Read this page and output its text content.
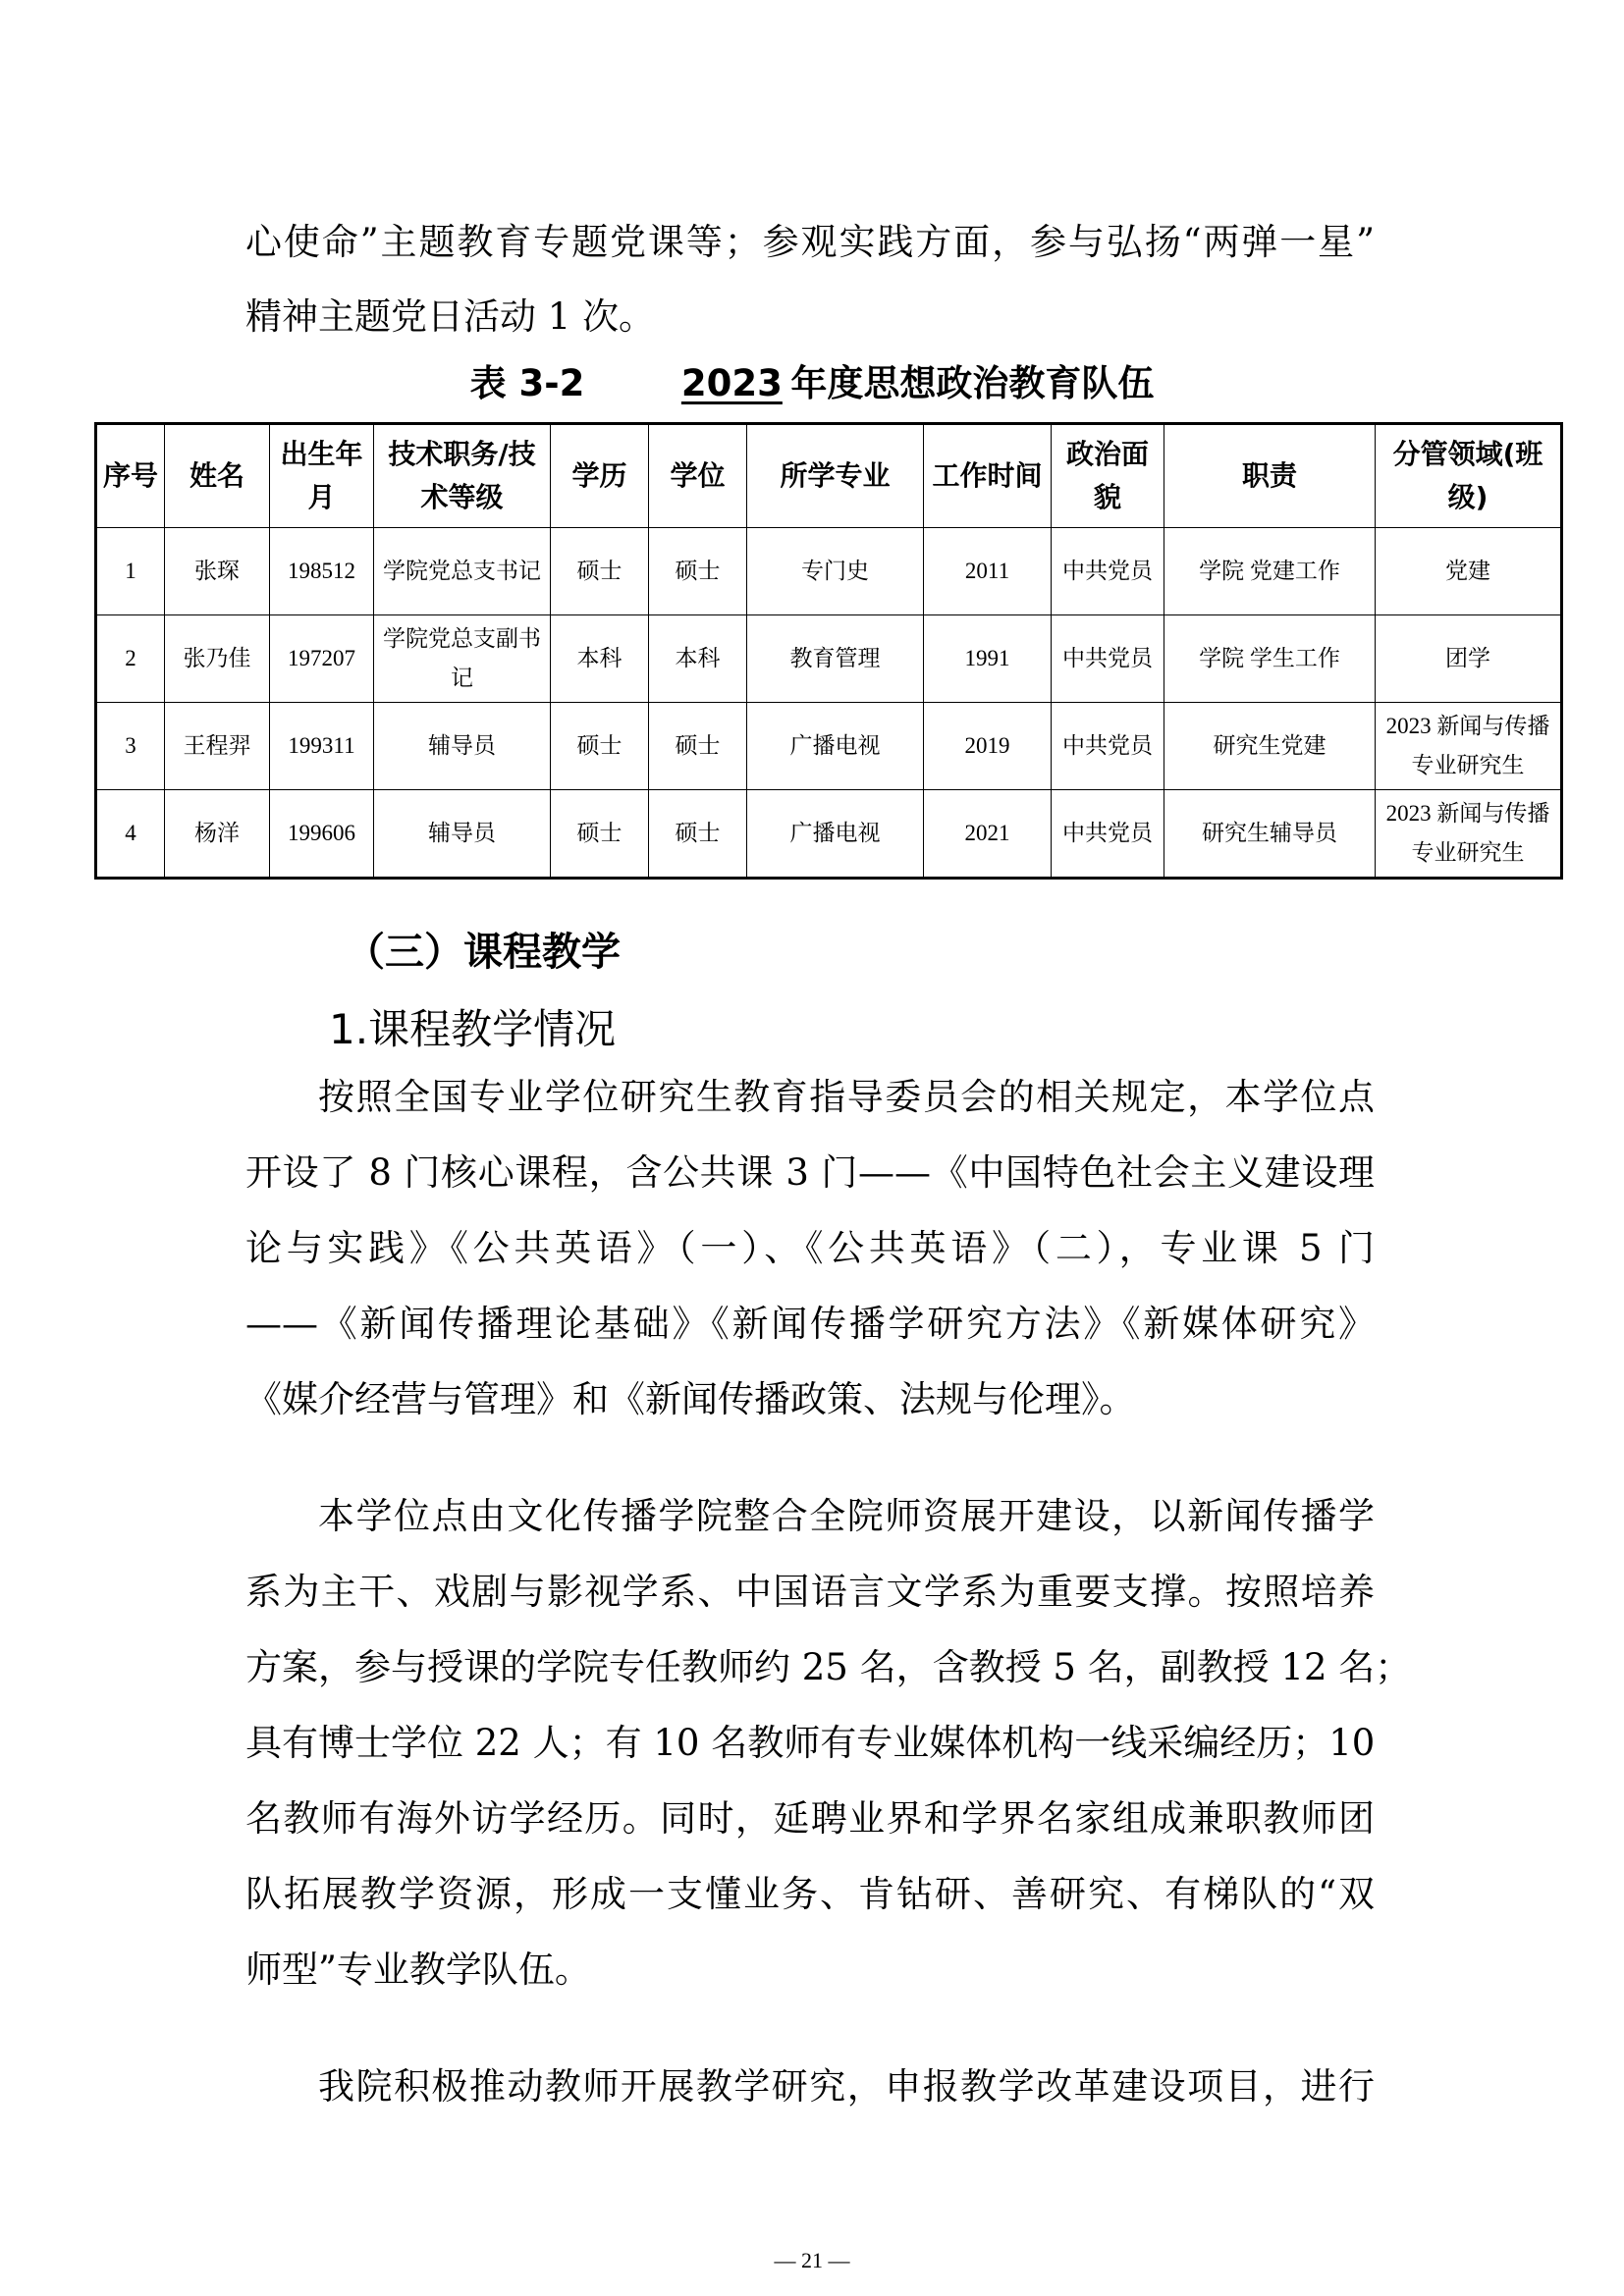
心使命”主题教育专题党课等；参观实践方面，参与弘扬“两弹一星”
精神主题党日活动 1 次。
表 3-2	2023 年度思想政治教育队伍
序号	姓名	出生年月	技术职务/技术等级	学历	学位	所学专业	工作时间	政治面貌	职责	分管领域(班级)
1	张琛	198512	学院党总支书记	硕士	硕士	专门史	2011	中共党员	学院 党建工作	党建
2	张乃佳	197207	学院党总支副书记	本科	本科	教育管理	1991	中共党员	学院 学生工作	团学
3	王程羿	199311	辅导员	硕士	硕士	广播电视	2019	中共党员	研究生党建	2023 新闻与传播专业研究生
4	杨洋	199606	辅导员	硕士	硕士	广播电视	2021	中共党员	研究生辅导员	2023 新闻与传播专业研究生
（三）课程教学
1.课程教学情况
按照全国专业学位研究生教育指导委员会的相关规定，本学位点
开设了 8 门核心课程，含公共课 3 门——《中国特色社会主义建设理
论与实践》《公共英语》（一）、《公共英语》（二），专业课 5 门
——《新闻传播理论基础》《新闻传播学研究方法》《新媒体研究》
《媒介经营与管理》和《新闻传播政策、法规与伦理》。
本学位点由文化传播学院整合全院师资展开建设，以新闻传播学
系为主干、戏剧与影视学系、中国语言文学系为重要支撑。按照培养
方案，参与授课的学院专任教师约 25 名，含教授 5 名，副教授 12 名；
具有博士学位 22 人；有 10 名教师有专业媒体机构一线采编经历；10
名教师有海外访学经历。同时，延聘业界和学界名家组成兼职教师团
队拓展教学资源，形成一支懂业务、肯钻研、善研究、有梯队的“双
师型”专业教学队伍。
我院积极推动教师开展教学研究，申报教学改革建设项目，进行
— 21 —
